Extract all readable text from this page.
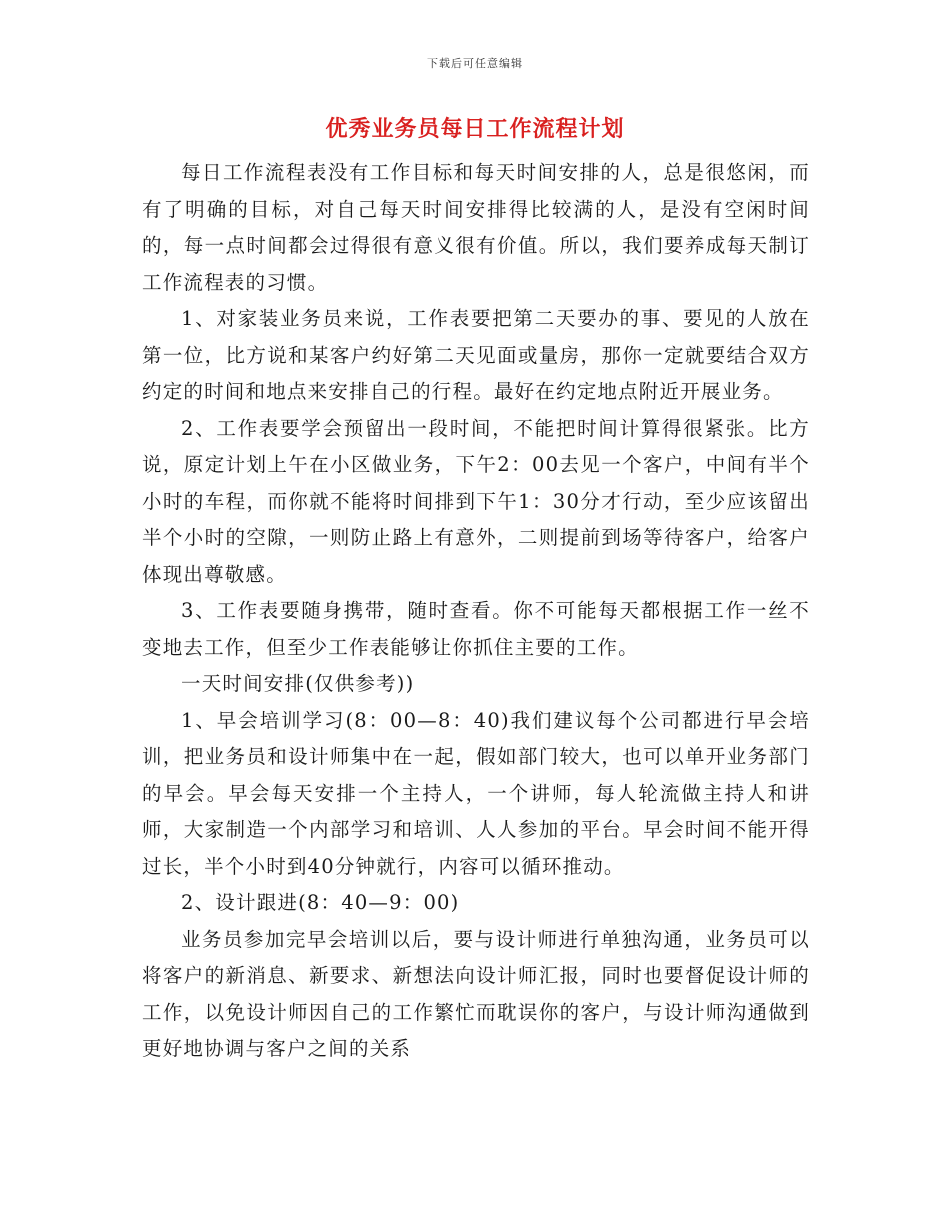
下载后可任意编辑
优秀业务员每日工作流程计划

每日工作流程表没有工作目标和每天时间安排的人，总是很悠闲，而有了明确的目标，对自己每天时间安排得比较满的人，是没有空闲时间的，每一点时间都会过得很有意义很有价值。所以，我们要养成每天制订工作流程表的习惯。

1、对家装业务员来说，工作表要把第二天要办的事、要见的人放在第一位，比方说和某客户约好第二天见面或量房，那你一定就要结合双方约定的时间和地点来安排自己的行程。最好在约定地点附近开展业务。

2、工作表要学会预留出一段时间，不能把时间计算得很紧张。比方说，原定计划上午在小区做业务，下午2：00去见一个客户，中间有半个小时的车程，而你就不能将时间排到下午1：30分才行动，至少应该留出半个小时的空隙，一则防止路上有意外，二则提前到场等待客户，给客户体现出尊敬感。

3、工作表要随身携带，随时查看。你不可能每天都根据工作一丝不变地去工作，但至少工作表能够让你抓住主要的工作。

一天时间安排(仅供参考))

1、早会培训学习(8：00—8：40)我们建议每个公司都进行早会培训，把业务员和设计师集中在一起，假如部门较大，也可以单开业务部门的早会。早会每天安排一个主持人，一个讲师，每人轮流做主持人和讲师，大家制造一个内部学习和培训、人人参加的平台。早会时间不能开得过长，半个小时到40分钟就行，内容可以循环推动。

2、设计跟进(8：40—9：00)

业务员参加完早会培训以后，要与设计师进行单独沟通，业务员可以将客户的新消息、新要求、新想法向设计师汇报，同时也要督促设计师的工作，以免设计师因自己的工作繁忙而耽误你的客户，与设计师沟通做到更好地协调与客户之间的关系
